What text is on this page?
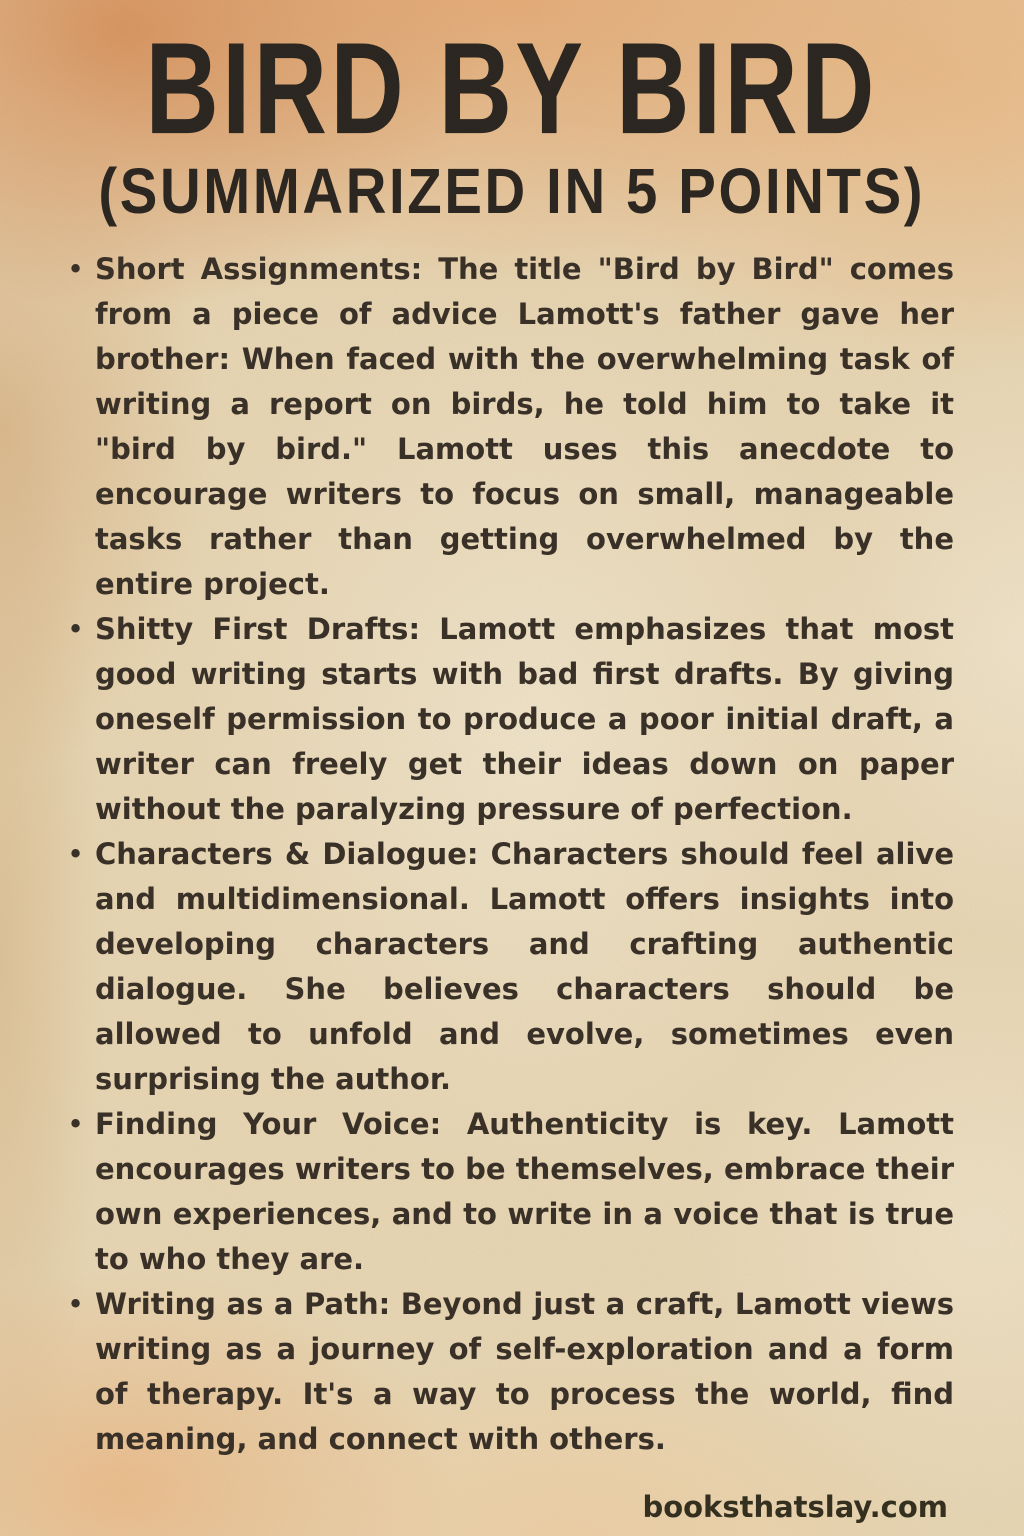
BIRD BY BIRD
(SUMMARIZED IN 5 POINTS)
• Short Assignments: The title "Bird by Bird" comes from a piece of advice Lamott's father gave her brother: When faced with the overwhelming task of writing a report on birds, he told him to take it "bird by bird." Lamott uses this anecdote to encourage writers to focus on small, manageable tasks rather than getting overwhelmed by the entire project.
• Shitty First Drafts: Lamott emphasizes that most good writing starts with bad first drafts. By giving oneself permission to produce a poor initial draft, a writer can freely get their ideas down on paper without the paralyzing pressure of perfection.
• Characters & Dialogue: Characters should feel alive and multidimensional. Lamott offers insights into developing characters and crafting authentic dialogue. She believes characters should be allowed to unfold and evolve, sometimes even surprising the author.
• Finding Your Voice: Authenticity is key. Lamott encourages writers to be themselves, embrace their own experiences, and to write in a voice that is true to who they are.
• Writing as a Path: Beyond just a craft, Lamott views writing as a journey of self-exploration and a form of therapy. It's a way to process the world, find meaning, and connect with others.
booksthatslay.com
